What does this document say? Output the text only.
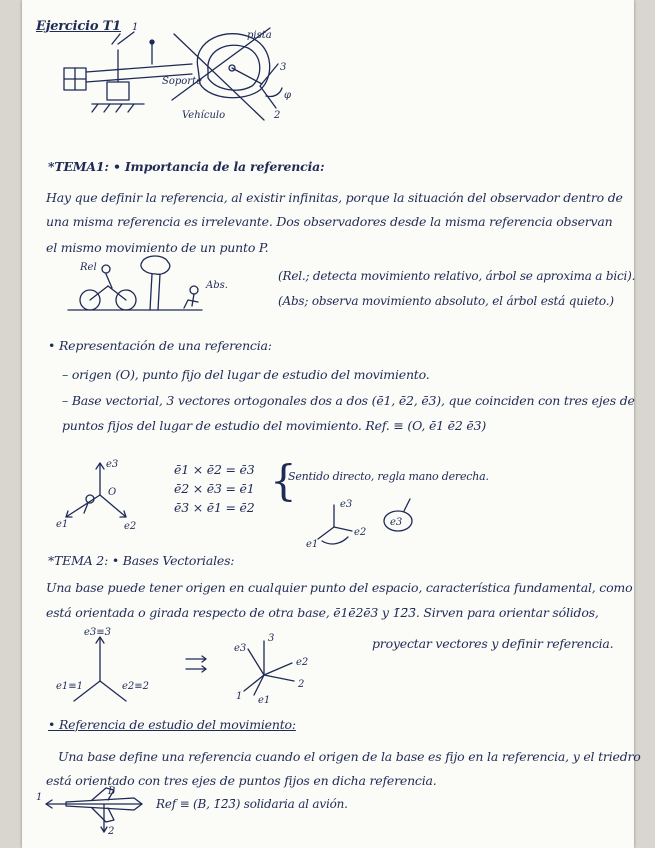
Ejercicio T1
pista
Soporte
Vehículo
3
2
1
φ
*TEMA1: • Importancia de la referencia:
Hay que definir la referencia, al existir infinitas, porque la situación del observador dentro de
una misma referencia es irrelevante. Dos observadores desde la misma referencia observan
el mismo movimiento de un punto P.
Rel
Abs.
(Rel.; detecta movimiento relativo, árbol se aproxima a bici).
(Abs; observa movimiento absoluto, el árbol está quieto.)
• Representación de una referencia:
– origen (O), punto fijo del lugar de estudio del movimiento.
– Base vectorial, 3 vectores ortogonales dos a dos (ē1, ē2, ē3), que coinciden con tres ejes de
puntos fijos del lugar de estudio del movimiento. Ref. ≡ (O, ē1 ē2 ē3)
e3
e1	e2
O
e3
e1
e2
e3
ē1 × ē2 = ē3
ē2 × ē3 = ē1
ē3 × ē1 = ē2
{
Sentido directo, regla mano derecha.
*TEMA 2: • Bases Vectoriales:
Una base puede tener origen en cualquier punto del espacio, característica fundamental, como
está orientada o girada respecto de otra base, ē1ē2ē3 y 1̄2̄3̄. Sirven para orientar sólidos,
proyectar vectores y definir referencia.
e3≡3
e1≡1	e2≡2
3
e3
e2
2
e1
1
• Referencia de estudio del movimiento:
Una base define una referencia cuando el origen de la base es fijo en la referencia, y el triedro
está orientado con tres ejes de puntos fijos en dicha referencia.
1
2
B
Ref ≡ (B, 1̄2̄3̄) solidaria al avión.
